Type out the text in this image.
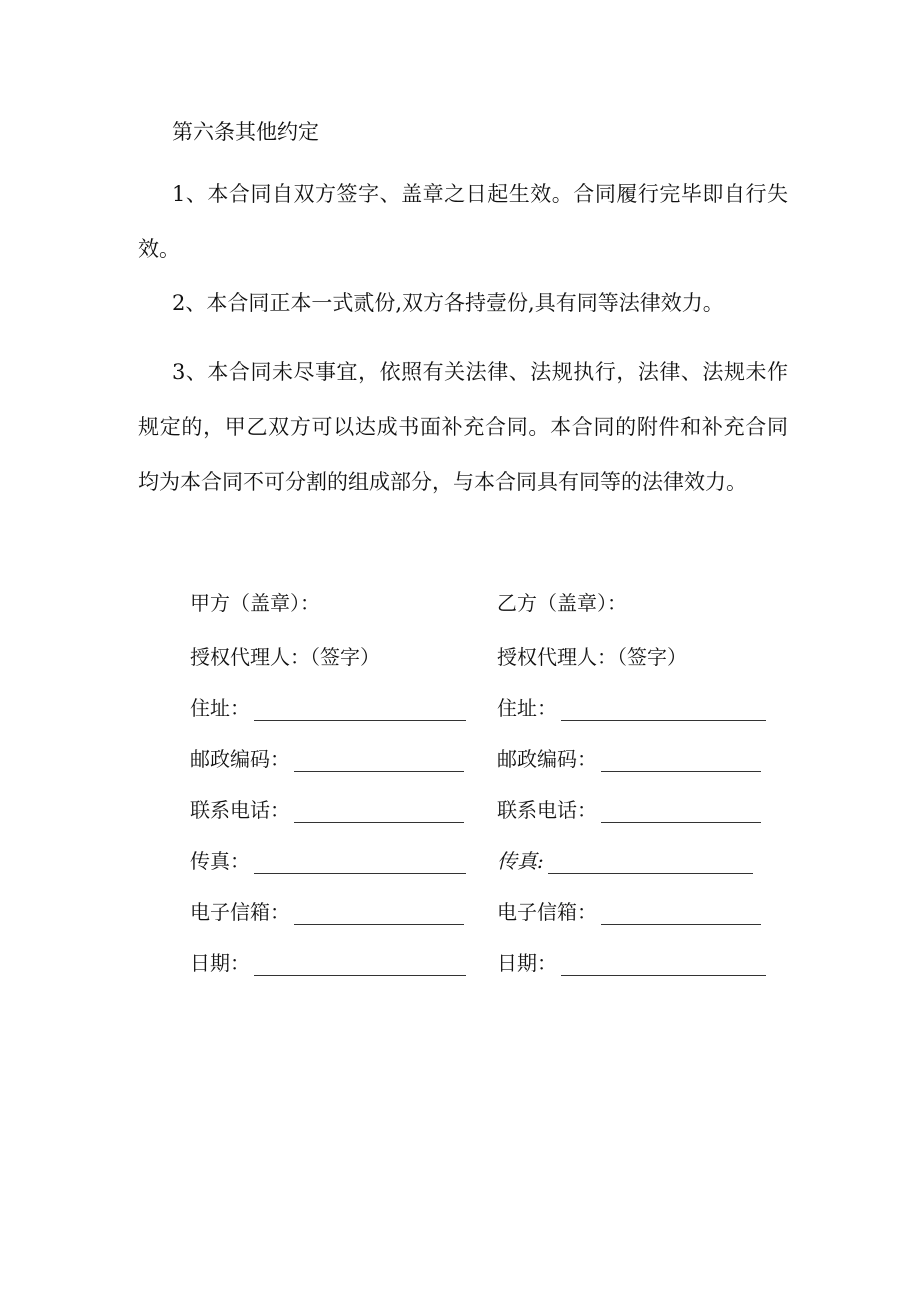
第六条其他约定
1、本合同自双方签字、盖章之日起生效。合同履行完毕即自行失效。
2、本合同正本一式贰份,双方各持壹份,具有同等法律效力。
3、本合同未尽事宜，依照有关法律、法规执行，法律、法规未作规定的，甲乙双方可以达成书面补充合同。本合同的附件和补充合同均为本合同不可分割的组成部分，与本合同具有同等的法律效力。
甲方（盖章）：
授权代理人：（签字）
住址：
邮政编码：
联系电话：
传真：
电子信箱：
日期：
乙方（盖章）：
授权代理人：（签字）
住址：
邮政编码：
联系电话：
传真:
电子信箱：
日期：
